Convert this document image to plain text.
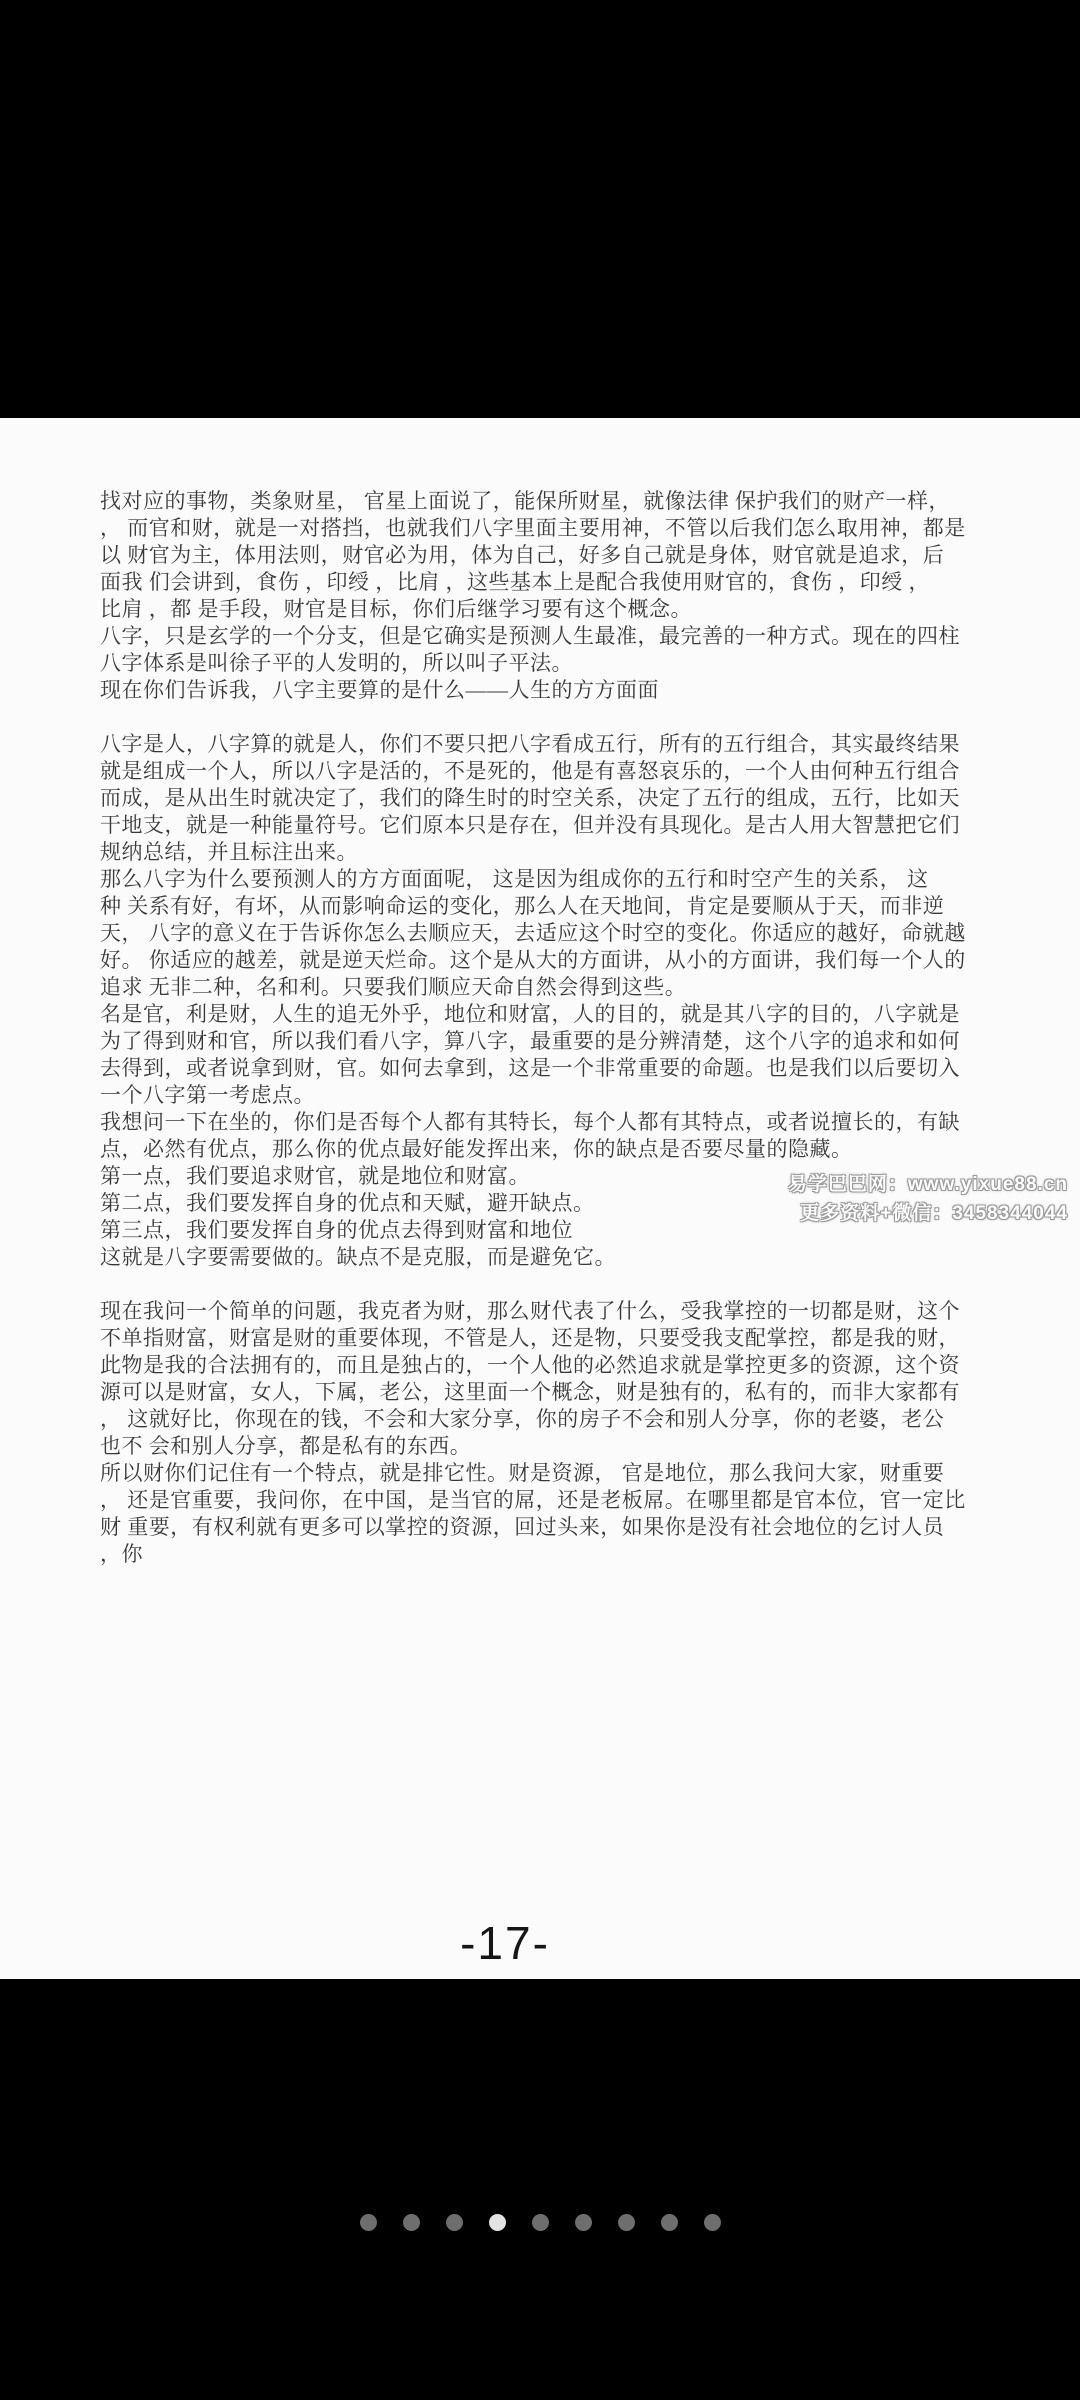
找对应的事物，类象财星， 官星上面说了，能保所财星，就像法律 保护我们的财产一样，
， 而官和财，就是一对搭挡，也就我们八字里面主要用神，不管以后我们怎么取用神，都是
以 财官为主，体用法则，财官必为用，体为自己，好多自己就是身体，财官就是追求，后
面我 们会讲到，食伤 ，印绶 ，比肩 ，这些基本上是配合我使用财官的，食伤 ，印绶 ，
比肩 ，都 是手段，财官是目标，你们后继学习要有这个概念。
八字，只是玄学的一个分支，但是它确实是预测人生最准，最完善的一种方式。现在的四柱
八字体系是叫徐子平的人发明的，所以叫子平法。
现在你们告诉我，八字主要算的是什么——人生的方方面面
八字是人，八字算的就是人，你们不要只把八字看成五行，所有的五行组合，其实最终结果
就是组成一个人，所以八字是活的，不是死的，他是有喜怒哀乐的，一个人由何种五行组合
而成，是从出生时就决定了，我们的降生时的时空关系，决定了五行的组成，五行，比如天
干地支，就是一种能量符号。它们原本只是存在，但并没有具现化。是古人用大智慧把它们
规纳总结，并且标注出来。
那么八字为什么要预测人的方方面面呢， 这是因为组成你的五行和时空产生的关系， 这
种 关系有好，有坏，从而影响命运的变化，那么人在天地间，肯定是要顺从于天，而非逆
天， 八字的意义在于告诉你怎么去顺应天，去适应这个时空的变化。你适应的越好，命就越
好。 你适应的越差，就是逆天烂命。这个是从大的方面讲，从小的方面讲，我们每一个人的
追求 无非二种，名和利。只要我们顺应天命自然会得到这些。
名是官，利是财，人生的追无外乎，地位和财富，人的目的，就是其八字的目的，八字就是
为了得到财和官，所以我们看八字，算八字，最重要的是分辨清楚，这个八字的追求和如何
去得到，或者说拿到财，官。如何去拿到，这是一个非常重要的命题。也是我们以后要切入
一个八字第一考虑点。
我想问一下在坐的，你们是否每个人都有其特长，每个人都有其特点，或者说擅长的，有缺
点，必然有优点，那么你的优点最好能发挥出来，你的缺点是否要尽量的隐藏。
第一点，我们要追求财官，就是地位和财富。
第二点，我们要发挥自身的优点和天赋，避开缺点。
第三点，我们要发挥自身的优点去得到财富和地位
这就是八字要需要做的。缺点不是克服，而是避免它。
现在我问一个简单的问题，我克者为财，那么财代表了什么，受我掌控的一切都是财，这个
不单指财富，财富是财的重要体现，不管是人，还是物，只要受我支配掌控，都是我的财，
此物是我的合法拥有的，而且是独占的，一个人他的必然追求就是掌控更多的资源，这个资
源可以是财富，女人，下属，老公，这里面一个概念，财是独有的，私有的，而非大家都有
， 这就好比，你现在的钱，不会和大家分享，你的房子不会和别人分享，你的老婆，老公
也不 会和别人分享，都是私有的东西。
所以财你们记住有一个特点，就是排它性。财是资源， 官是地位，那么我问大家，财重要
， 还是官重要，我问你，在中国，是当官的屌，还是老板屌。在哪里都是官本位，官一定比
财 重要，有权利就有更多可以掌控的资源，回过头来，如果你是没有社会地位的乞讨人员
，你
易学巴巴网：www.yixue88.cn
更多资料+微信：3458344044
-17-
